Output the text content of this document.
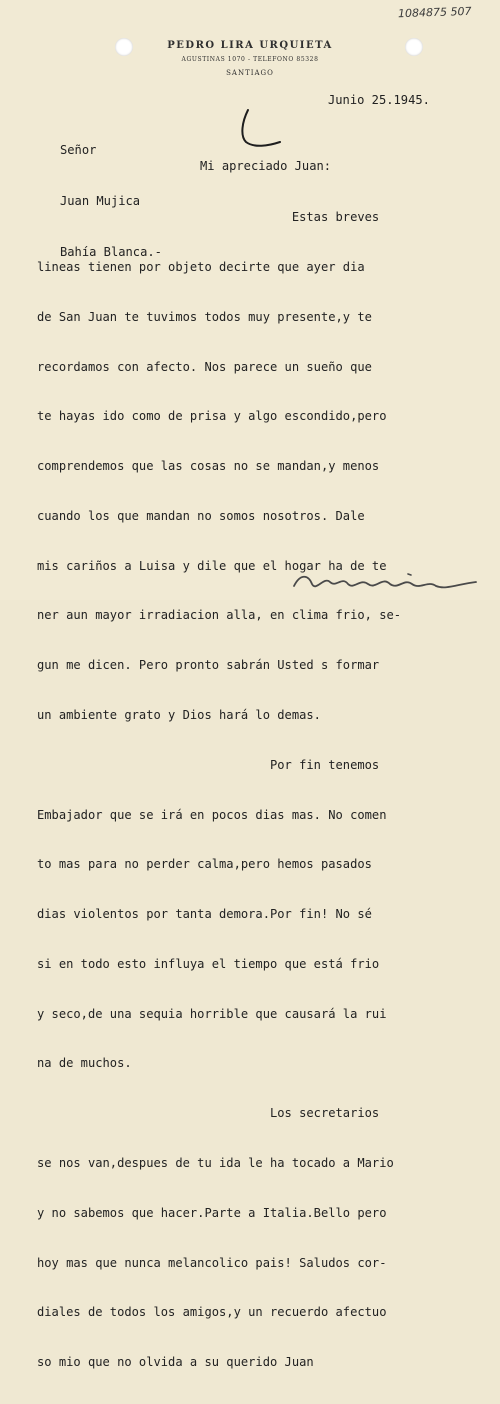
1084875 507
PEDRO LIRA URQUIETA
AGUSTINAS 1070 - TELEFONO 85328
SANTIAGO
Junio 25.1945.

Señor

Juan Mujica

Bahía Blanca.-

Mi apreciado Juan:

Estas breves

lineas tienen por objeto decirte que ayer dia

de San Juan te tuvimos todos muy presente,y te

recordamos con afecto. Nos parece un sueño que

te hayas ido como de prisa y algo escondido,pero

comprendemos que las cosas no se mandan,y menos

cuando los que mandan no somos nosotros. Dale

mis cariños a Luisa y dile que el hogar ha de te

ner aun mayor irradiacion alla, en clima frio, se-

gun me dicen. Pero pronto sabrán Usted s formar

un ambiente grato y Dios hará lo demas.

Por fin tenemos

Embajador que se irá en pocos dias mas. No comen

to mas para no perder calma,pero hemos pasados

dias violentos por tanta demora.Por fin! No sé

si en todo esto influya el tiempo que está frio

y seco,de una sequia horrible que causará la rui

na de muchos.

Los secretarios

se nos van,despues de tu ida le ha tocado a Mario

y no sabemos que hacer.Parte a Italia.Bello pero

hoy mas que nunca melancolico pais! Saludos cor-

diales de todos los amigos,y un recuerdo afectuo

so mio que no olvida a su querido Juan
